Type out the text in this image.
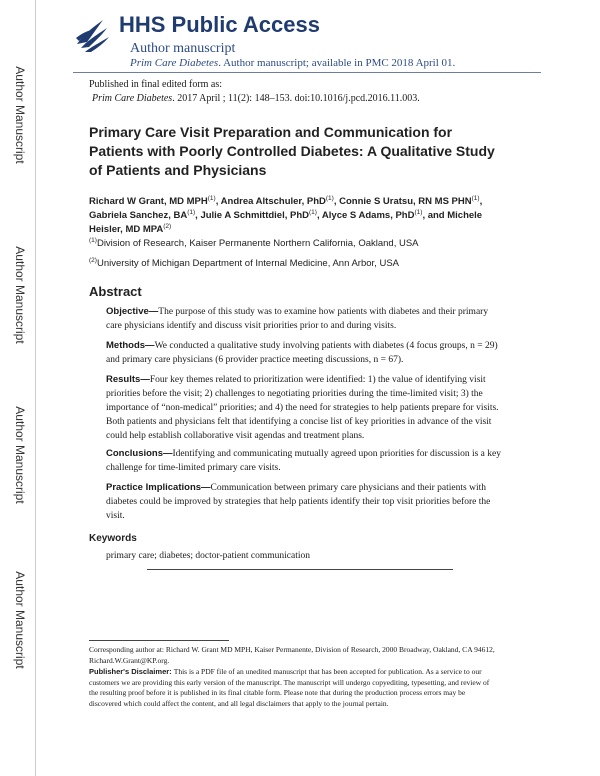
Author Manuscript
Author Manuscript
Author Manuscript
Author Manuscript
HHS Public Access
Author manuscript
Prim Care Diabetes. Author manuscript; available in PMC 2018 April 01.
Published in final edited form as:
Prim Care Diabetes. 2017 April ; 11(2): 148–153. doi:10.1016/j.pcd.2016.11.003.
Primary Care Visit Preparation and Communication for Patients with Poorly Controlled Diabetes: A Qualitative Study of Patients and Physicians
Richard W Grant, MD MPH$^{(1)}$, Andrea Altschuler, PhD$^{(1)}$, Connie S Uratsu, RN MS PHN$^{(1)}$, Gabriela Sanchez, BA$^{(1)}$, Julie A Schmittdiel, PhD$^{(1)}$, Alyce S Adams, PhD$^{(1)}$, and Michele Heisler, MD MPA$^{(2)}$
$^{(1)}$Division of Research, Kaiser Permanente Northern California, Oakland, USA
$^{(2)}$University of Michigan Department of Internal Medicine, Ann Arbor, USA
Abstract
Objective—The purpose of this study was to examine how patients with diabetes and their primary care physicians identify and discuss visit priorities prior to and during visits.
Methods—We conducted a qualitative study involving patients with diabetes (4 focus groups, n = 29) and primary care physicians (6 provider practice meeting discussions, n = 67).
Results—Four key themes related to prioritization were identified: 1) the value of identifying visit priorities before the visit; 2) challenges to negotiating priorities during the time-limited visit; 3) the importance of “non-medical” priorities; and 4) the need for strategies to help patients prepare for visits. Both patients and physicians felt that identifying a concise list of key priorities in advance of the visit could help establish collaborative visit agendas and treatment plans.
Conclusions—Identifying and communicating mutually agreed upon priorities for discussion is a key challenge for time-limited primary care visits.
Practice Implications—Communication between primary care physicians and their patients with diabetes could be improved by strategies that help patients identify their top visit priorities before the visit.
Keywords
primary care; diabetes; doctor-patient communication
Corresponding author at: Richard W. Grant MD MPH, Kaiser Permanente, Division of Research, 2000 Broadway, Oakland, CA 94612, Richard.W.Grant@KP.org.
Publisher's Disclaimer: This is a PDF file of an unedited manuscript that has been accepted for publication. As a service to our customers we are providing this early version of the manuscript. The manuscript will undergo copyediting, typesetting, and review of the resulting proof before it is published in its final citable form. Please note that during the production process errors may be discovered which could affect the content, and all legal disclaimers that apply to the journal pertain.
